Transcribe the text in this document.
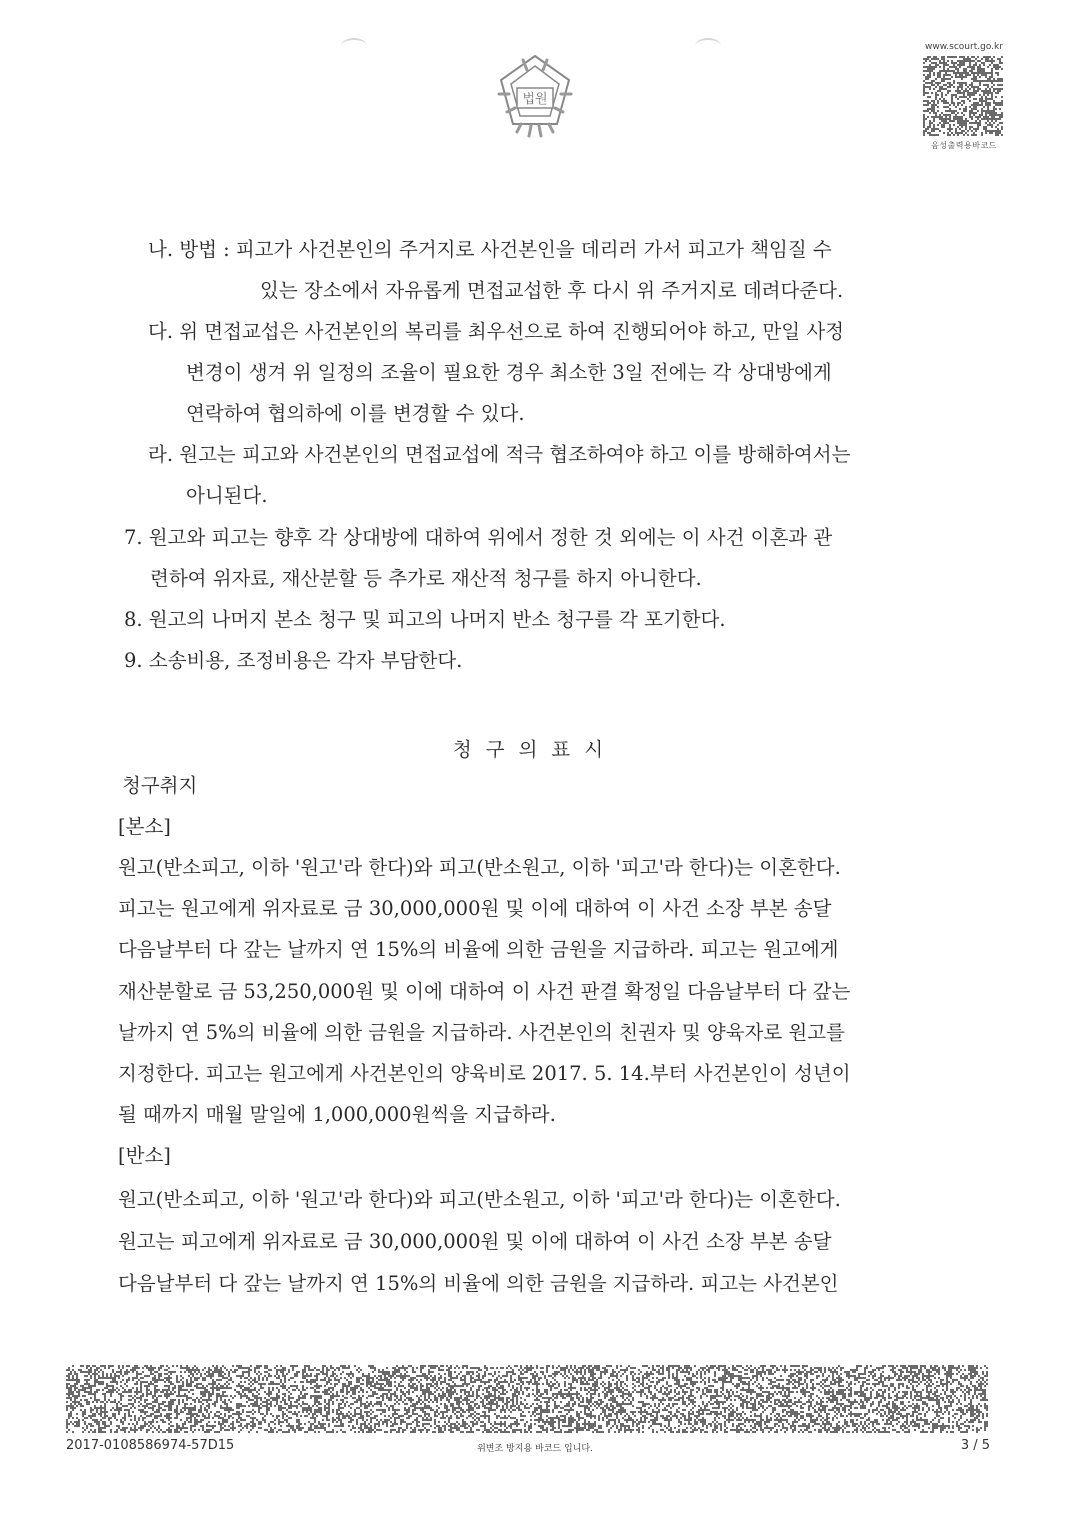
법원
www.scourt.go.kr
음성출력용바코드
나. 방법 : 피고가 사건본인의 주거지로 사건본인을 데리러 가서 피고가 책임질 수
있는 장소에서 자유롭게 면접교섭한 후 다시 위 주거지로 데려다준다.
다. 위 면접교섭은 사건본인의 복리를 최우선으로 하여 진행되어야 하고, 만일 사정
변경이 생겨 위 일정의 조율이 필요한 경우 최소한 3일 전에는 각 상대방에게
연락하여 협의하에 이를 변경할 수 있다.
라. 원고는 피고와 사건본인의 면접교섭에 적극 협조하여야 하고 이를 방해하여서는
아니된다.
7. 원고와 피고는 향후 각 상대방에 대하여 위에서 정한 것 외에는 이 사건 이혼과 관
련하여 위자료, 재산분할 등 추가로 재산적 청구를 하지 아니한다.
8. 원고의 나머지 본소 청구 및 피고의 나머지 반소 청구를 각 포기한다.
9. 소송비용, 조정비용은 각자 부담한다.
청구의표시
청구취지
[본소]
원고(반소피고, 이하 '원고'라 한다)와 피고(반소원고, 이하 '피고'라 한다)는 이혼한다.
피고는 원고에게 위자료로 금 30,000,000원 및 이에 대하여 이 사건 소장 부본 송달
다음날부터 다 갚는 날까지 연 15%의 비율에 의한 금원을 지급하라. 피고는 원고에게
재산분할로 금 53,250,000원 및 이에 대하여 이 사건 판결 확정일 다음날부터 다 갚는
날까지 연 5%의 비율에 의한 금원을 지급하라. 사건본인의 친권자 및 양육자로 원고를
지정한다. 피고는 원고에게 사건본인의 양육비로 2017. 5. 14.부터 사건본인이 성년이
될 때까지 매월 말일에 1,000,000원씩을 지급하라.
[반소]
원고(반소피고, 이하 '원고'라 한다)와 피고(반소원고, 이하 '피고'라 한다)는 이혼한다.
원고는 피고에게 위자료로 금 30,000,000원 및 이에 대하여 이 사건 소장 부본 송달
다음날부터 다 갚는 날까지 연 15%의 비율에 의한 금원을 지급하라. 피고는 사건본인
2017-0108586974-57D15	위변조 방지용 바코드 입니다.	3 / 5
